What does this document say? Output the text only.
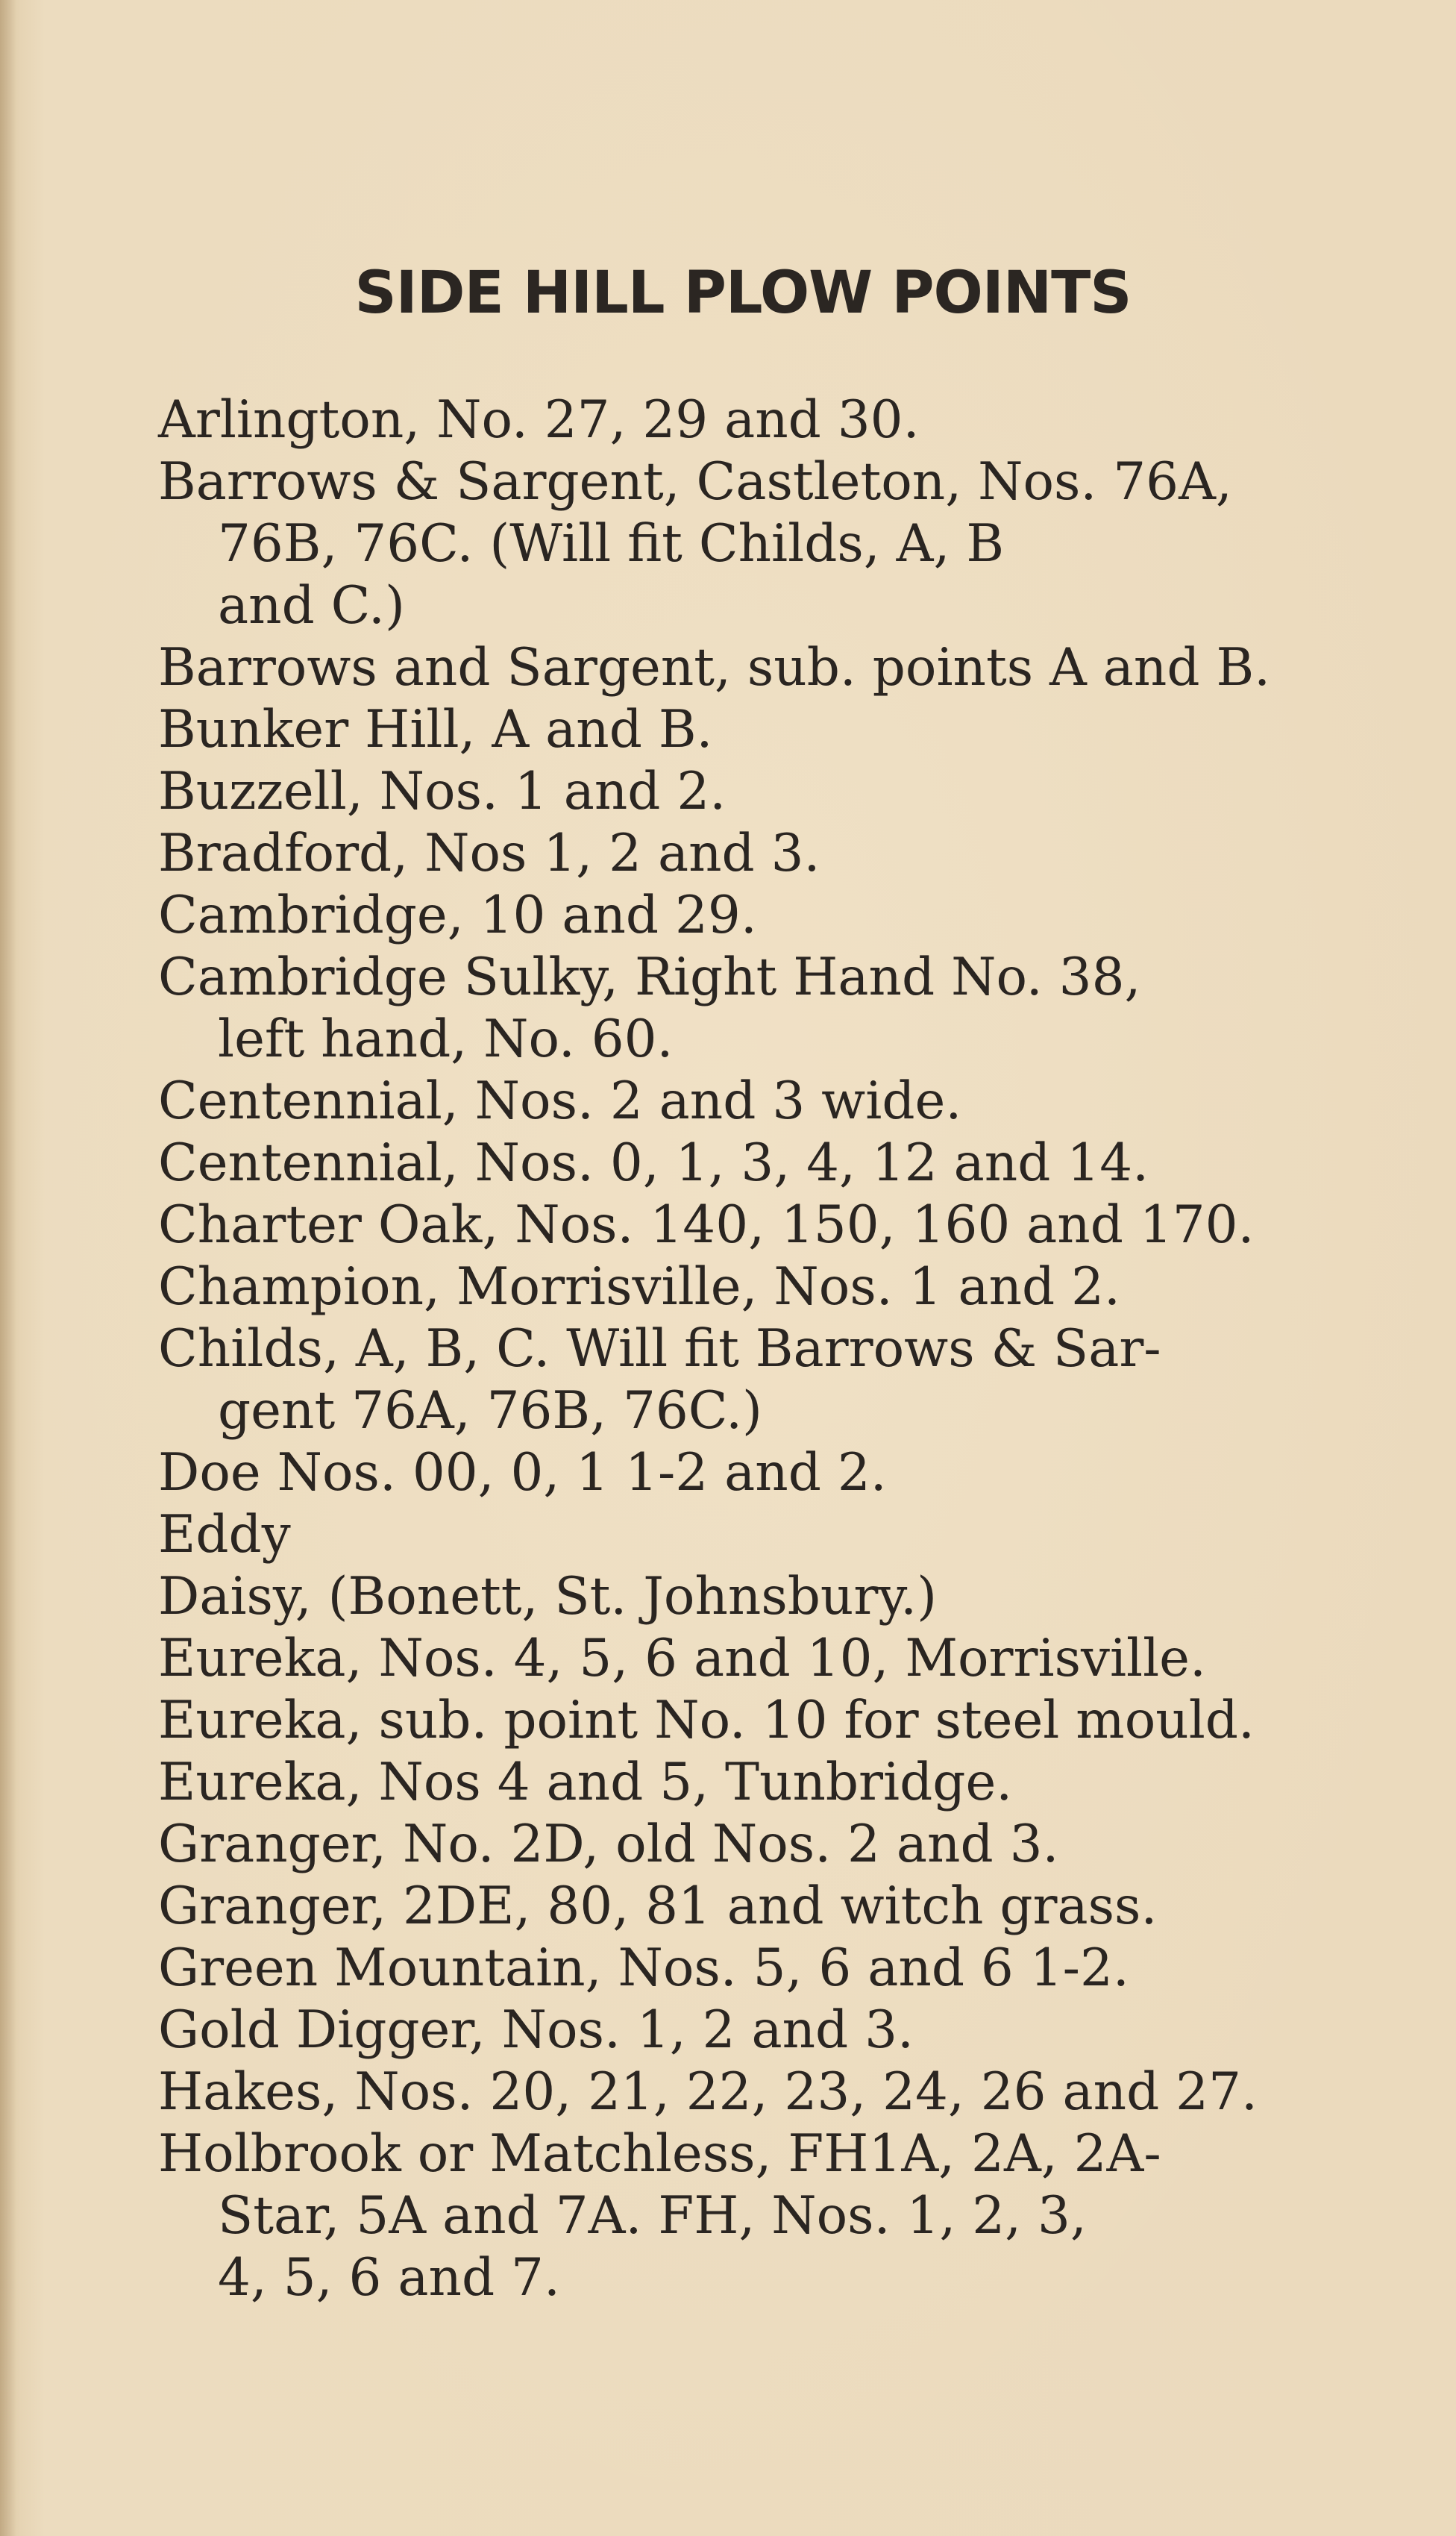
SIDE HILL PLOW POINTS
Arlington, No. 27, 29 and 30.
Barrows & Sargent, Castleton, Nos. 76A,
76B, 76C. (Will fit Childs, A, B
and C.)
Barrows and Sargent, sub. points A and B.
Bunker Hill, A and B.
Buzzell, Nos. 1 and 2.
Bradford, Nos 1, 2 and 3.
Cambridge, 10 and 29.
Cambridge Sulky, Right Hand No. 38,
left hand, No. 60.
Centennial, Nos. 2 and 3 wide.
Centennial, Nos. 0, 1, 3, 4, 12 and 14.
Charter Oak, Nos. 140, 150, 160 and 170.
Champion, Morrisville, Nos. 1 and 2.
Childs, A, B, C. Will fit Barrows & Sar-
gent 76A, 76B, 76C.)
Doe Nos. 00, 0, 1 1-2 and 2.
Eddy
Daisy, (Bonett, St. Johnsbury.)
Eureka, Nos. 4, 5, 6 and 10, Morrisville.
Eureka, sub. point No. 10 for steel mould.
Eureka, Nos 4 and 5, Tunbridge.
Granger, No. 2D, old Nos. 2 and 3.
Granger, 2DE, 80, 81 and witch grass.
Green Mountain, Nos. 5, 6 and 6 1-2.
Gold Digger, Nos. 1, 2 and 3.
Hakes, Nos. 20, 21, 22, 23, 24, 26 and 27.
Holbrook or Matchless, FH1A, 2A, 2A-
Star, 5A and 7A. FH, Nos. 1, 2, 3,
4, 5, 6 and 7.
